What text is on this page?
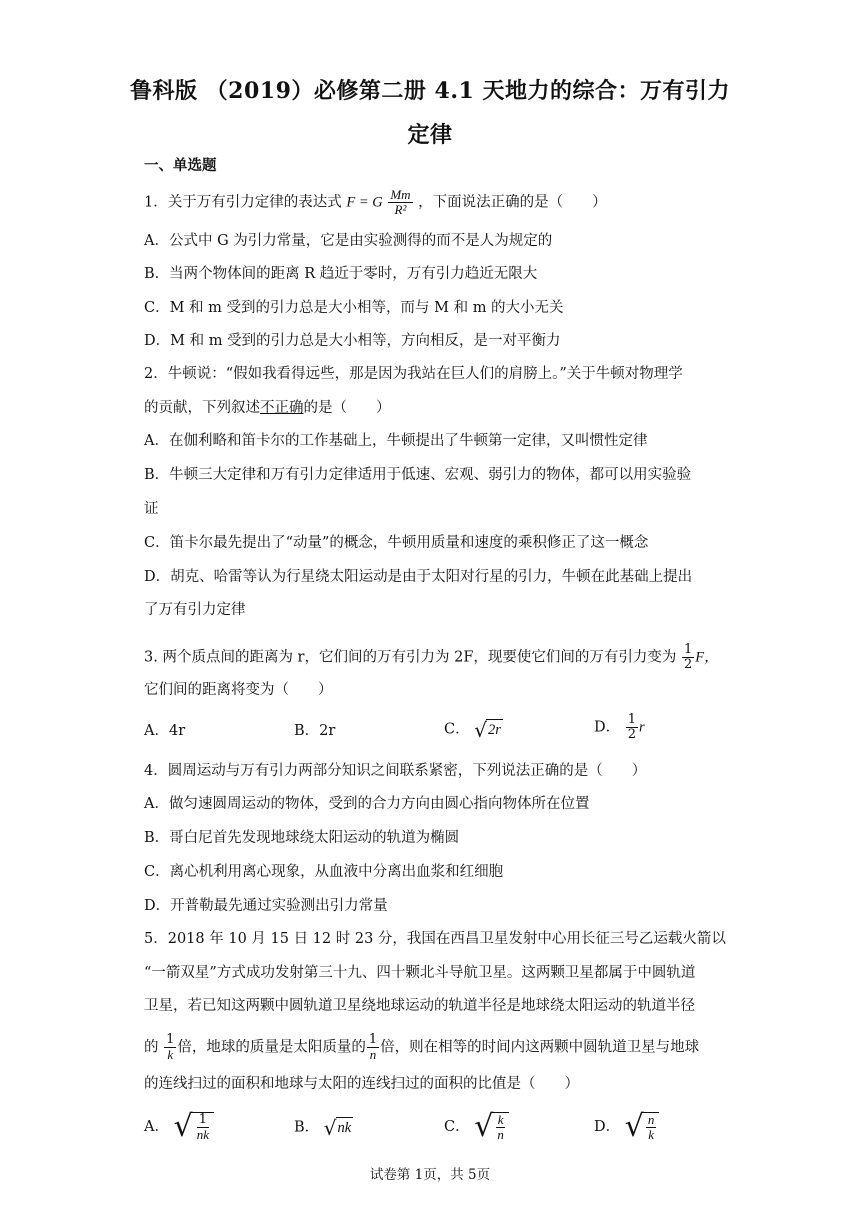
鲁科版 （2019）必修第二册 4.1 天地力的综合：万有引力
定律
一、单选题
1．关于万有引力定律的表达式 F = G $\frac{Mm}{\text{R²}}$ ，下面说法正确的是（　　）
A．公式中 G 为引力常量，它是由实验测得的而不是人为规定的
B．当两个物体间的距离 R 趋近于零时，万有引力趋近无限大
C．M 和 m 受到的引力总是大小相等，而与 M 和 m 的大小无关
D．M 和 m 受到的引力总是大小相等，方向相反，是一对平衡力
2．牛顿说：“假如我看得远些，那是因为我站在巨人们的肩膀上。”关于牛顿对物理学
的贡献，下列叙述不正确的是（　　）
A．在伽利略和笛卡尔的工作基础上，牛顿提出了牛顿第一定律，又叫惯性定律
B．牛顿三大定律和万有引力定律适用于低速、宏观、弱引力的物体，都可以用实验验
证
C．笛卡尔最先提出了“动量”的概念，牛顿用质量和速度的乘积修正了这一概念
D．胡克、哈雷等认为行星绕太阳运动是由于太阳对行星的引力，牛顿在此基础上提出
了万有引力定律
3. 两个质点间的距离为 r，它们间的万有引力为 2F，现要使它们间的万有引力变为 $\frac{1}{2}$ F，
它们间的距离将变为（　　）
A．4r	B．2r	C． √ 2r	D． $\frac{1}{2}$ r
4．圆周运动与万有引力两部分知识之间联系紧密，下列说法正确的是（　　）
A．做匀速圆周运动的物体，受到的合力方向由圆心指向物体所在位置
B．哥白尼首先发现地球绕太阳运动的轨道为椭圆
C．离心机利用离心现象，从血液中分离出血浆和红细胞
D．开普勒最先通过实验测出引力常量
5．2018 年 10 月 15 日 12 时 23 分，我国在西昌卫星发射中心用长征三号乙运载火箭以
“一箭双星”方式成功发射第三十九、四十颗北斗导航卫星。这两颗卫星都属于中圆轨道
卫星，若已知这两颗中圆轨道卫星绕地球运动的轨道半径是地球绕太阳运动的轨道半径
的 $\frac{1}{k}$ 倍，地球的质量是太阳质量的 $\frac{1}{n}$ 倍，则在相等的时间内这两颗中圆轨道卫星与地球
的连线扫过的面积和地球与太阳的连线扫过的面积的比值是（　　）
A． √ $\frac{1}{nk}$	B． √ nk	C． √ $\frac{k}{n}$	D． √ $\frac{n}{k}$
试卷第 1页，共 5页
